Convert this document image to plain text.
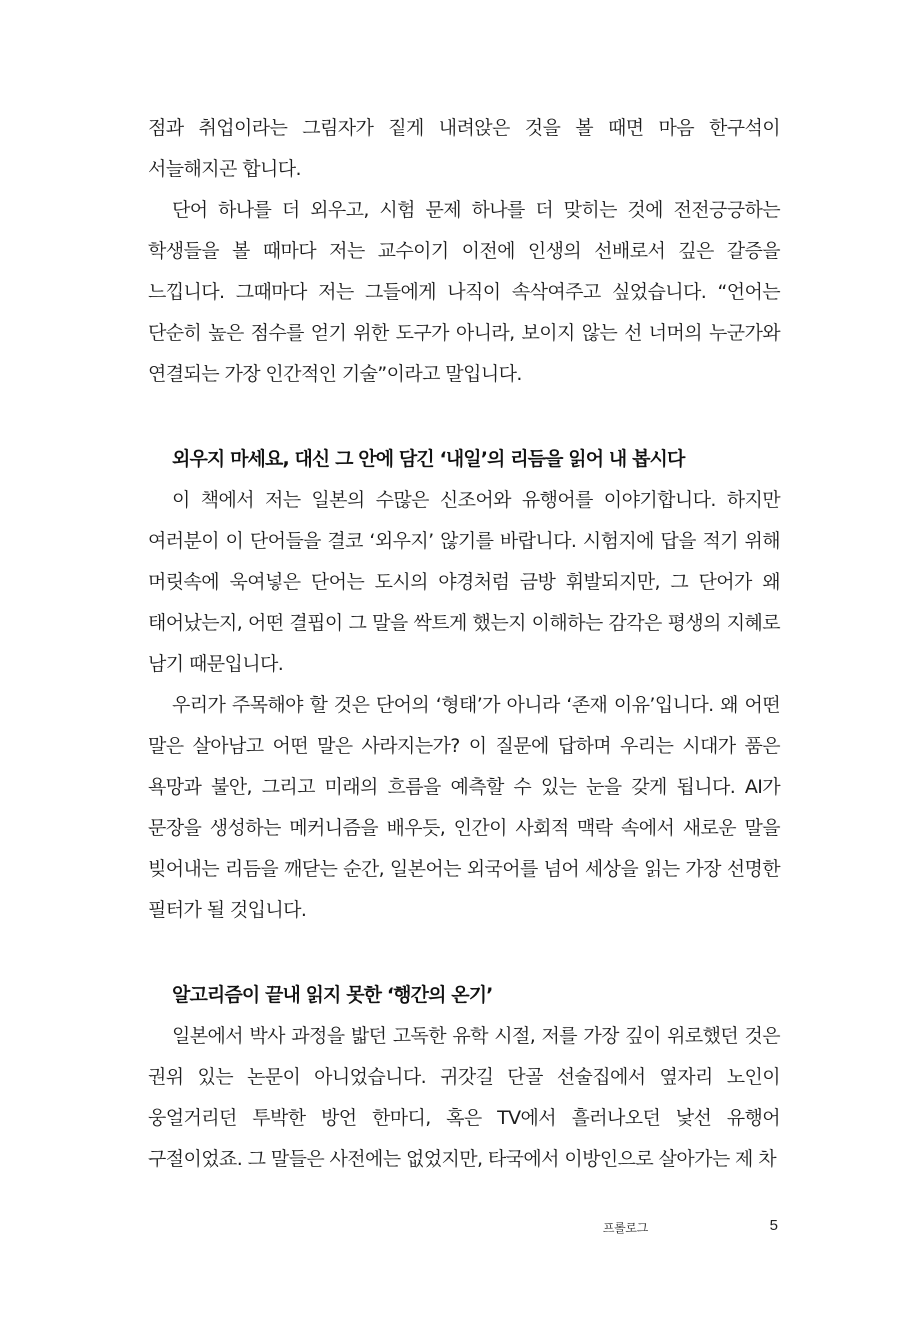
점과 취업이라는 그림자가 짙게 내려앉은 것을 볼 때면 마음 한구석이 서늘해지곤 합니다.

단어 하나를 더 외우고, 시험 문제 하나를 더 맞히는 것에 전전긍긍하는 학생들을 볼 때마다 저는 교수이기 이전에 인생의 선배로서 깊은 갈증을 느낍니다. 그때마다 저는 그들에게 나직이 속삭여주고 싶었습니다. “언어는 단순히 높은 점수를 얻기 위한 도구가 아니라, 보이지 않는 선 너머의 누군가와 연결되는 가장 인간적인 기술”이라고 말입니다.

외우지 마세요, 대신 그 안에 담긴 ‘내일’의 리듬을 읽어 내 봅시다

이 책에서 저는 일본의 수많은 신조어와 유행어를 이야기합니다. 하지만 여러분이 이 단어들을 결코 ‘외우지’ 않기를 바랍니다. 시험지에 답을 적기 위해 머릿속에 욱여넣은 단어는 도시의 야경처럼 금방 휘발되지만, 그 단어가 왜 태어났는지, 어떤 결핍이 그 말을 싹트게 했는지 이해하는 감각은 평생의 지혜로 남기 때문입니다.

우리가 주목해야 할 것은 단어의 ‘형태’가 아니라 ‘존재 이유’입니다. 왜 어떤 말은 살아남고 어떤 말은 사라지는가? 이 질문에 답하며 우리는 시대가 품은 욕망과 불안, 그리고 미래의 흐름을 예측할 수 있는 눈을 갖게 됩니다. AI가 문장을 생성하는 메커니즘을 배우듯, 인간이 사회적 맥락 속에서 새로운 말을 빚어내는 리듬을 깨닫는 순간, 일본어는 외국어를 넘어 세상을 읽는 가장 선명한 필터가 될 것입니다.

알고리즘이 끝내 읽지 못한 ‘행간의 온기’

일본에서 박사 과정을 밟던 고독한 유학 시절, 저를 가장 깊이 위로했던 것은 권위 있는 논문이 아니었습니다. 귀갓길 단골 선술집에서 옆자리 노인이 웅얼거리던 투박한 방언 한마디, 혹은 TV에서 흘러나오던 낯선 유행어 구절이었죠. 그 말들은 사전에는 없었지만, 타국에서 이방인으로 살아가는 제 차

프롤로그	5
